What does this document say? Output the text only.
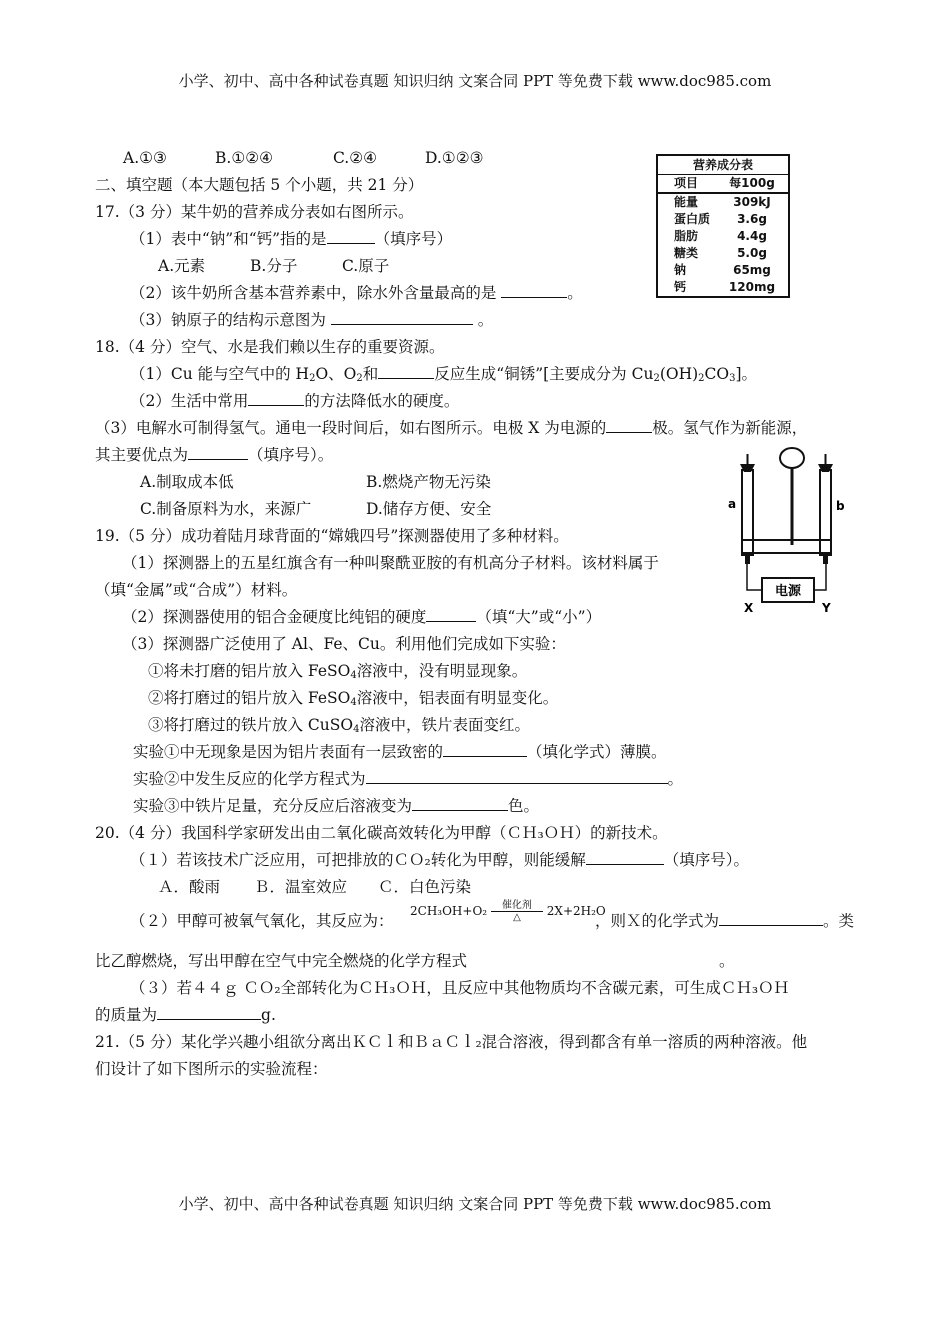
小学、初中、高中各种试卷真题 知识归纳 文案合同 PPT 等免费下载 www.doc985.com
A.①③	B.①②④	C.②④	D.①②③
二、填空题（本大题包括 5 个小题，共 21 分）
营养成分表
项目	每100g
能量	309kJ
蛋白质	3.6g
脂肪	4.4g
糖类	5.0g
钠	65mg
钙	120mg
17.（3 分）某牛奶的营养成分表如右图所示。
（1）表中“钠”和“钙”指的是	（填序号）
A.元素	B.分子	C.原子
（2）该牛奶所含基本营养素中，除水外含量最高的是	。
（3）钠原子的结构示意图为	。
18.（4 分）空气、水是我们赖以生存的重要资源。
（1）Cu 能与空气中的 $H_2O$、$O_2$和	反应生成“铜锈”[主要成分为 $Cu_2(OH)_2CO_3$]。
（2）生活中常用	的方法降低水的硬度。
（3）电解水可制得氢气。通电一段时间后，如右图所示。电极 X 为电源的	极。氢气作为新能源，
其主要优点为	（填序号）。
A.制取成本低	B.燃烧产物无污染
C.制备原料为水，来源广	D.储存方便、安全
电源
a	b
X	Y
19.（5 分）成功着陆月球背面的“嫦娥四号”探测器使用了多种材料。
（1）探测器上的五星红旗含有一种叫聚酰亚胺的有机高分子材料。该材料属于
（填“金属”或“合成”）材料。
（2）探测器使用的铝合金硬度比纯铝的硬度	（填“大”或“小”）
（3）探测器广泛使用了 Al、Fe、Cu。利用他们完成如下实验：
①将未打磨的铝片放入 FeSO$_4$溶液中，没有明显现象。
②将打磨过的铝片放入 FeSO$_4$溶液中，铝表面有明显变化。
③将打磨过的铁片放入 CuSO$_4$溶液中，铁片表面变红。
实验①中无现象是因为铝片表面有一层致密的	（填化学式）薄膜。
实验②中发生反应的化学方程式为	。
实验③中铁片足量，充分反应后溶液变为	色。
20.（4 分）我国科学家研发出由二氧化碳高效转化为甲醇（ＣＨ₃ＯＨ）的新技术。
（１）若该技术广泛应用，可把排放的ＣＯ₂转化为甲醇，则能缓解	（填序号）。
Ａ．酸雨 Ｂ．温室效应 Ｃ．白色污染
（２）甲醇可被氧气氧化，其反应为：
2CH₃OH+O₂	催化剂
△	2X+2H₂O
，则Ｘ的化学式为	。类
比乙醇燃烧，写出甲醇在空气中完全燃烧的化学方程式	。
（３）若４４ｇ ＣＯ₂全部转化为ＣＨ₃ＯＨ，且反应中其他物质均不含碳元素，可生成ＣＨ₃ＯＨ
的质量为	g.
21.（5 分）某化学兴趣小组欲分离出ＫＣｌ和ＢａＣｌ₂混合溶液，得到都含有单一溶质的两种溶液。他
们设计了如下图所示的实验流程：
小学、初中、高中各种试卷真题 知识归纳 文案合同 PPT 等免费下载 www.doc985.com
